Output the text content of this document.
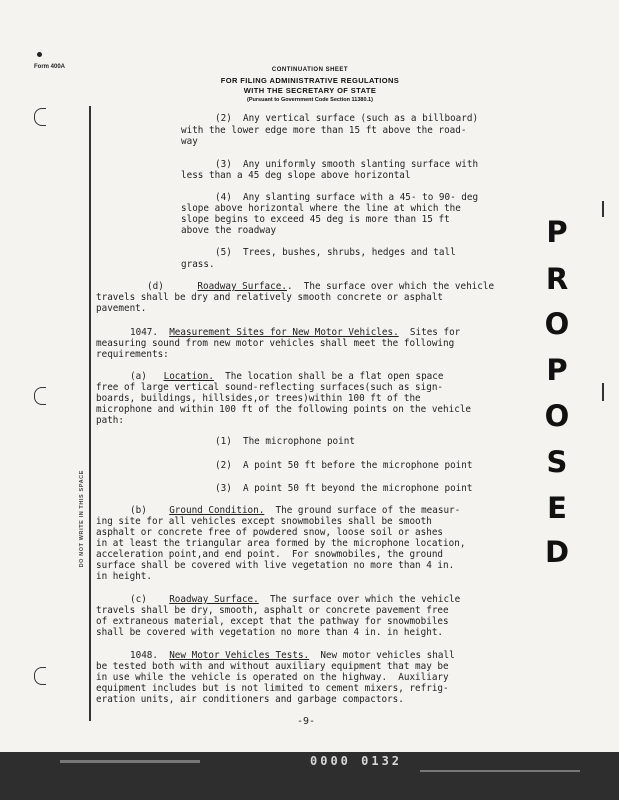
Form 400A	CONTINUATION SHEET
FOR FILING ADMINISTRATIVE REGULATIONS
WITH THE SECRETARY OF STATE
(Pursuant to Government Code Section 11380.1)
DO NOT WRITE IN THIS SPACE
P
R
O
P
O
S
E
D
(2)  Any vertical surface (such as a billboard)
with the lower edge more than 15 ft above the road-
way
(3)  Any uniformly smooth slanting surface with
less than a 45 deg slope above horizontal
(4)  Any slanting surface with a 45- to 90- deg
slope above horizontal where the line at which the
slope begins to exceed 45 deg is more than 15 ft
above the roadway
(5)  Trees, bushes, shrubs, hedges and tall
grass.
(d)	Roadway Surface..  The surface over which the vehicle
travels shall be dry and relatively smooth concrete or asphalt
pavement.
1047. Measurement Sites for New Motor Vehicles.  Sites for
measuring sound from new motor vehicles shall meet the following
requirements:
(a) Location.  The location shall be a flat open space
free of large vertical sound-reflecting surfaces(such as sign-
boards, buildings, hillsides,or trees)within 100 ft of the
microphone and within 100 ft of the following points on the vehicle
path:
(1)  The microphone point
(2)  A point 50 ft before the microphone point
(3)  A point 50 ft beyond the microphone point
(b) Ground Condition.  The ground surface of the measur-
ing site for all vehicles except snowmobiles shall be smooth
asphalt or concrete free of powdered snow, loose soil or ashes
in at least the triangular area formed by the microphone location,
acceleration point,and end point.  For snowmobiles, the ground
surface shall be covered with live vegetation no more than 4 in.
in height.
(c) Roadway Surface.  The surface over which the vehicle
travels shall be dry, smooth, asphalt or concrete pavement free
of extraneous material, except that the pathway for snowmobiles
shall be covered with vegetation no more than 4 in. in height.
1048. New Motor Vehicles Tests.  New motor vehicles shall
be tested both with and without auxiliary equipment that may be
in use while the vehicle is operated on the highway.  Auxiliary
equipment includes but is not limited to cement mixers, refrig-
eration units, air conditioners and garbage compactors.
-9-
0000 0132
